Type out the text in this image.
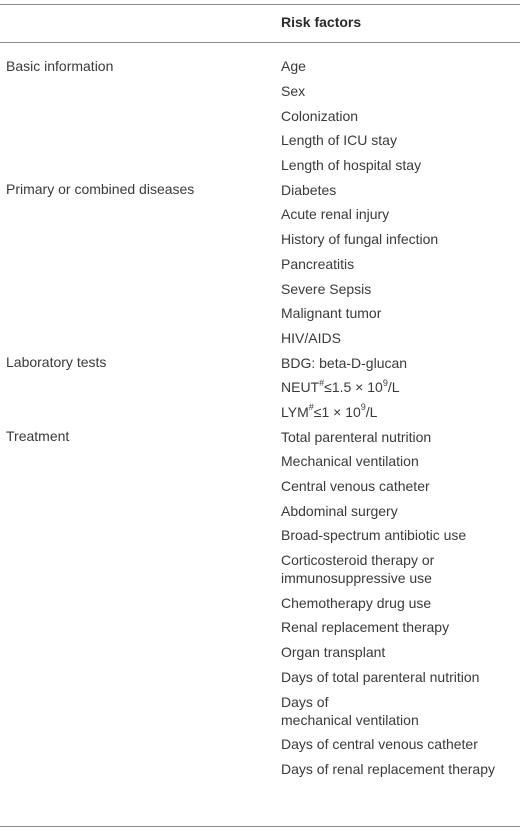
Risk factors
Basic information	Age
Sex
Colonization
Length of ICU stay
Length of hospital stay
Primary or combined diseases	Diabetes
Acute renal injury
History of fungal infection
Pancreatitis
Severe Sepsis
Malignant tumor
HIV/AIDS
Laboratory tests	BDG: beta-D-glucan
NEUT#≤1.5 × $10^9/L$
$LYM^{\#}\le 1 \times 10^9/L$
Treatment	Total parenteral nutrition
Mechanical ventilation
Central venous catheter
Abdominal surgery
Broad-spectrum antibiotic use
Corticosteroid therapy or
immunosuppressive use
Chemotherapy drug use
Renal replacement therapy
Organ transplant
Days of total parenteral nutrition
Days of
mechanical ventilation
Days of central venous catheter
Days of renal replacement therapy
